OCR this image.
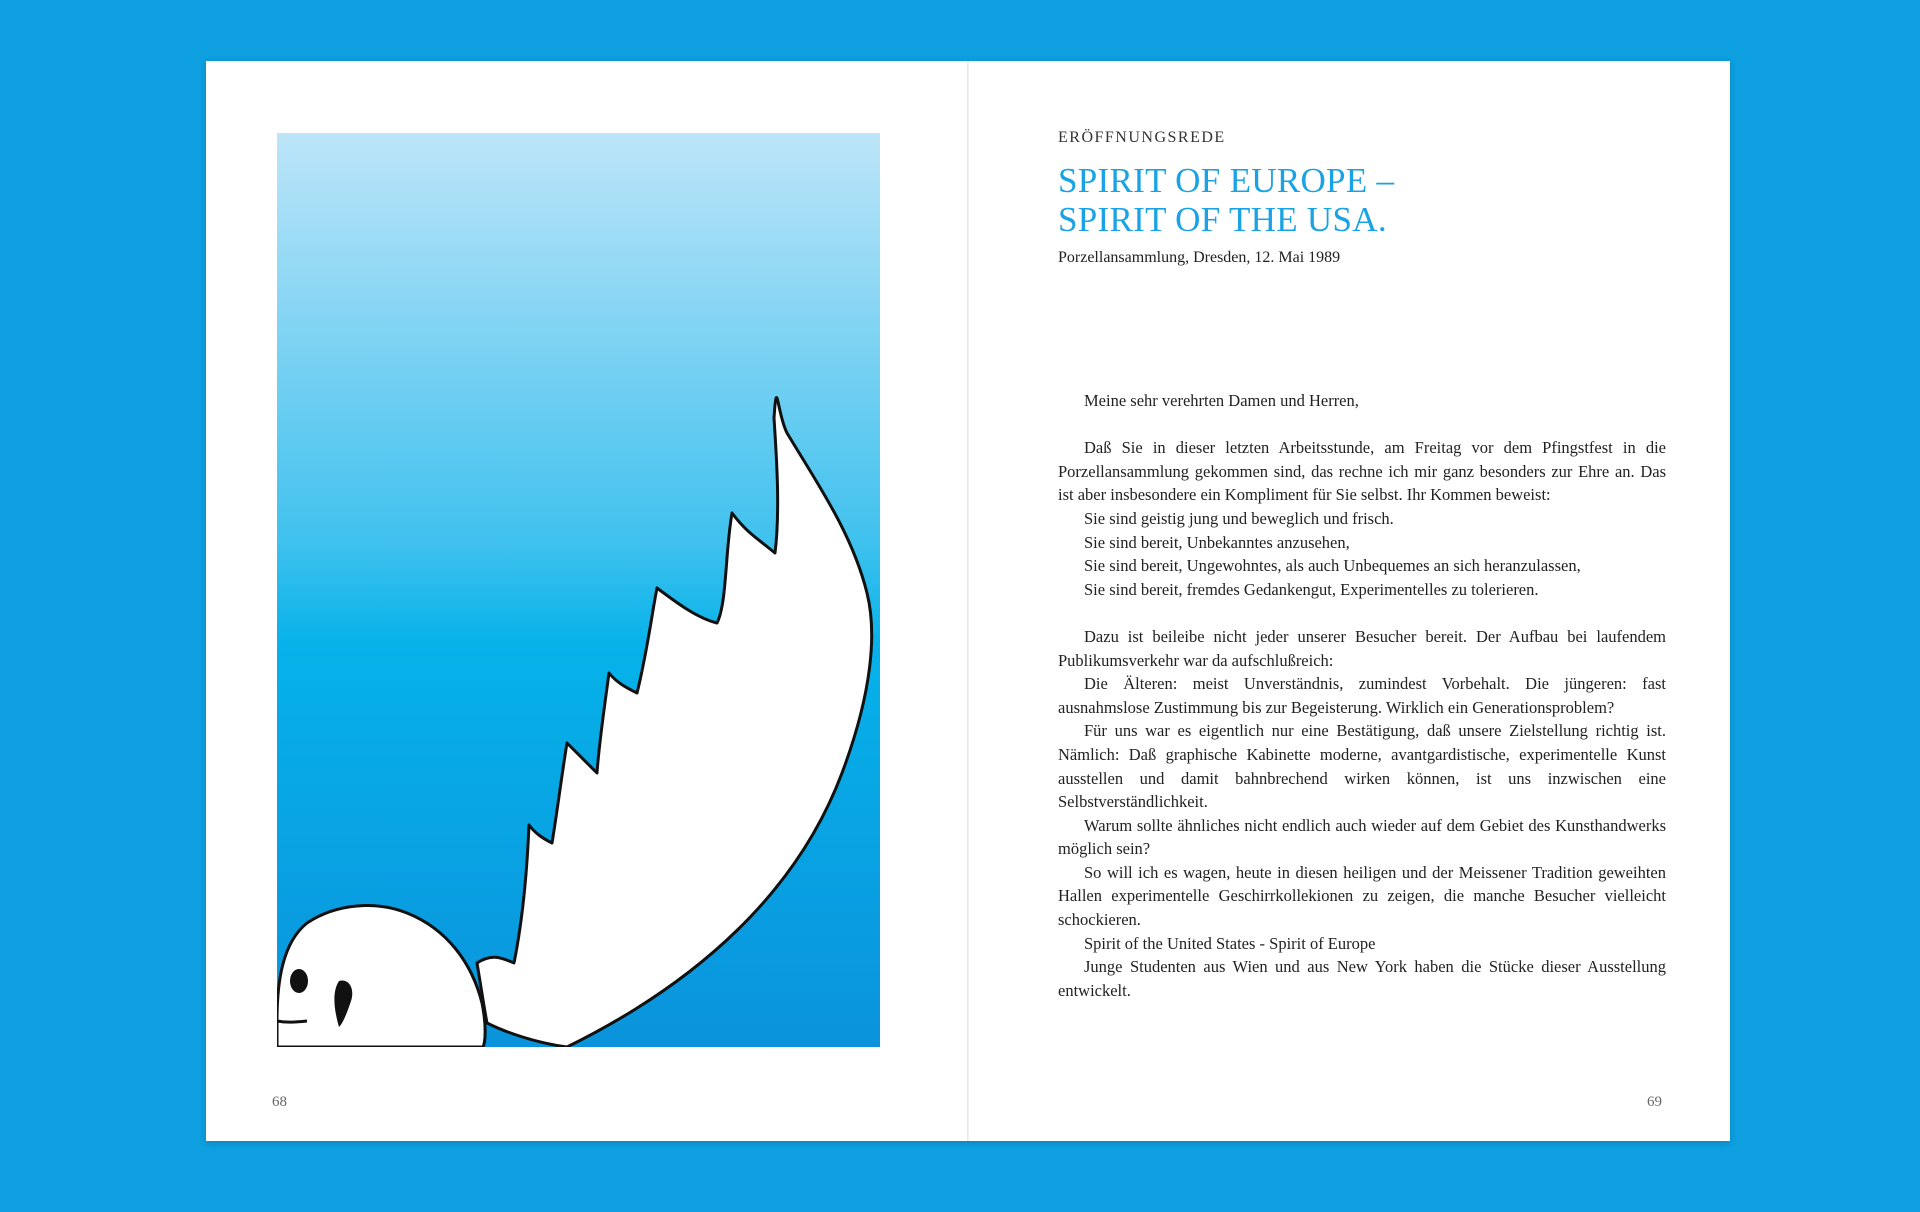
PAUL | 7 JAHRE
68
ERÖFFNUNGSREDE
SPIRIT OF EUROPE –
SPIRIT OF THE USA.
Porzellansammlung, Dresden, 12. Mai 1989

Meine sehr verehrten Damen und Herren,

Daß Sie in dieser letzten Arbeitsstunde, am Freitag vor dem Pfingstfest in die Porzellansammlung gekommen sind, das rechne ich mir ganz besonders zur Ehre an. Das ist aber insbesondere ein Kompliment für Sie selbst. Ihr Kommen beweist:

Sie sind geistig jung und beweglich und frisch.
Sie sind bereit, Unbekanntes anzusehen,
Sie sind bereit, Ungewohntes, als auch Unbequemes an sich heranzulassen,
Sie sind bereit, fremdes Gedankengut, Experimentelles zu tolerieren.

Dazu ist beileibe nicht jeder unserer Besucher bereit. Der Aufbau bei laufendem Publikumsverkehr war da aufschlußreich:

Die Älteren: meist Unverständnis, zumindest Vorbehalt. Die jüngeren: fast ausnahmslose Zustimmung bis zur Begeisterung. Wirklich ein Generationsproblem?

Für uns war es eigentlich nur eine Bestätigung, daß unsere Zielstellung richtig ist. Nämlich: Daß graphische Kabinette moderne, avantgardistische, experimentelle Kunst ausstellen und damit bahnbrechend wirken können, ist uns inzwischen eine Selbstverständlichkeit.

Warum sollte ähnliches nicht endlich auch wieder auf dem Gebiet des Kunsthandwerks möglich sein?

So will ich es wagen, heute in diesen heiligen und der Meissener Tradition geweihten Hallen experimentelle Geschirrkollekionen zu zeigen, die manche Besucher vielleicht schockieren.

Spirit of the United States - Spirit of Europe

Junge Studenten aus Wien und aus New York haben die Stücke dieser Ausstellung entwickelt.

69
